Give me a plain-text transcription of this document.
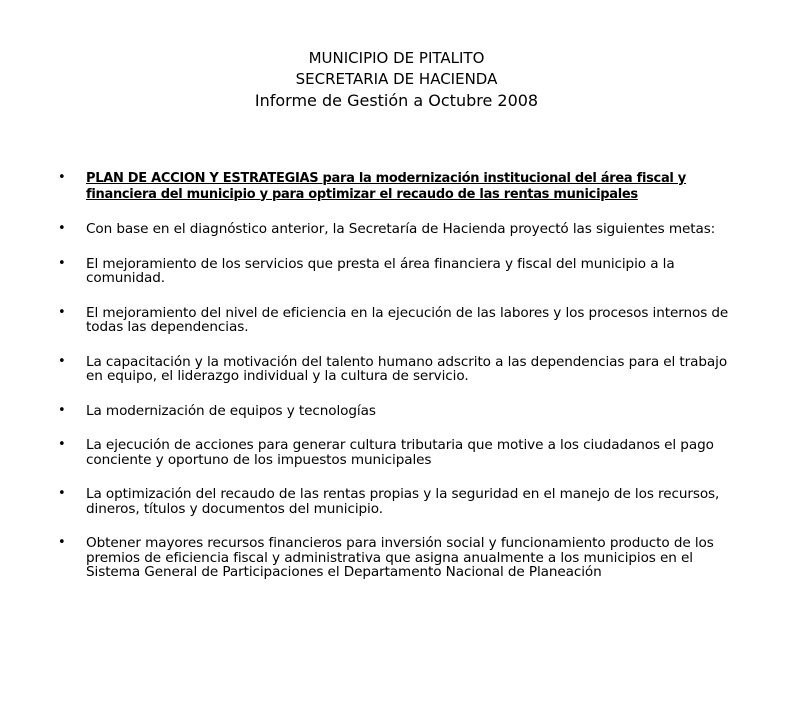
MUNICIPIO DE PITALITO
SECRETARIA DE HACIENDA
Informe de Gestión a Octubre 2008
• PLAN DE ACCION Y ESTRATEGIAS para la modernización institucional del área fiscal y financiera del municipio y para optimizar el recaudo de las rentas municipales
• Con base en el diagnóstico anterior, la Secretaría de Hacienda proyectó las siguientes metas:
• El mejoramiento de los servicios que presta el área financiera y fiscal del municipio a la comunidad.
• El mejoramiento del nivel de eficiencia en la ejecución de las labores y los procesos internos de todas las dependencias.
• La capacitación y la motivación del talento humano adscrito a las dependencias para el trabajo en equipo, el liderazgo individual y la cultura de servicio.
• La modernización de equipos y tecnologías
• La ejecución de acciones para generar cultura tributaria que motive a los ciudadanos el pago conciente y oportuno de los impuestos municipales
• La optimización del recaudo de las rentas propias y la seguridad en el manejo de los recursos, dineros, títulos y documentos del municipio.
• Obtener mayores recursos financieros para inversión social y funcionamiento producto de los premios de eficiencia fiscal y administrativa que asigna anualmente a los municipios en el Sistema General de Participaciones el Departamento Nacional de Planeación
